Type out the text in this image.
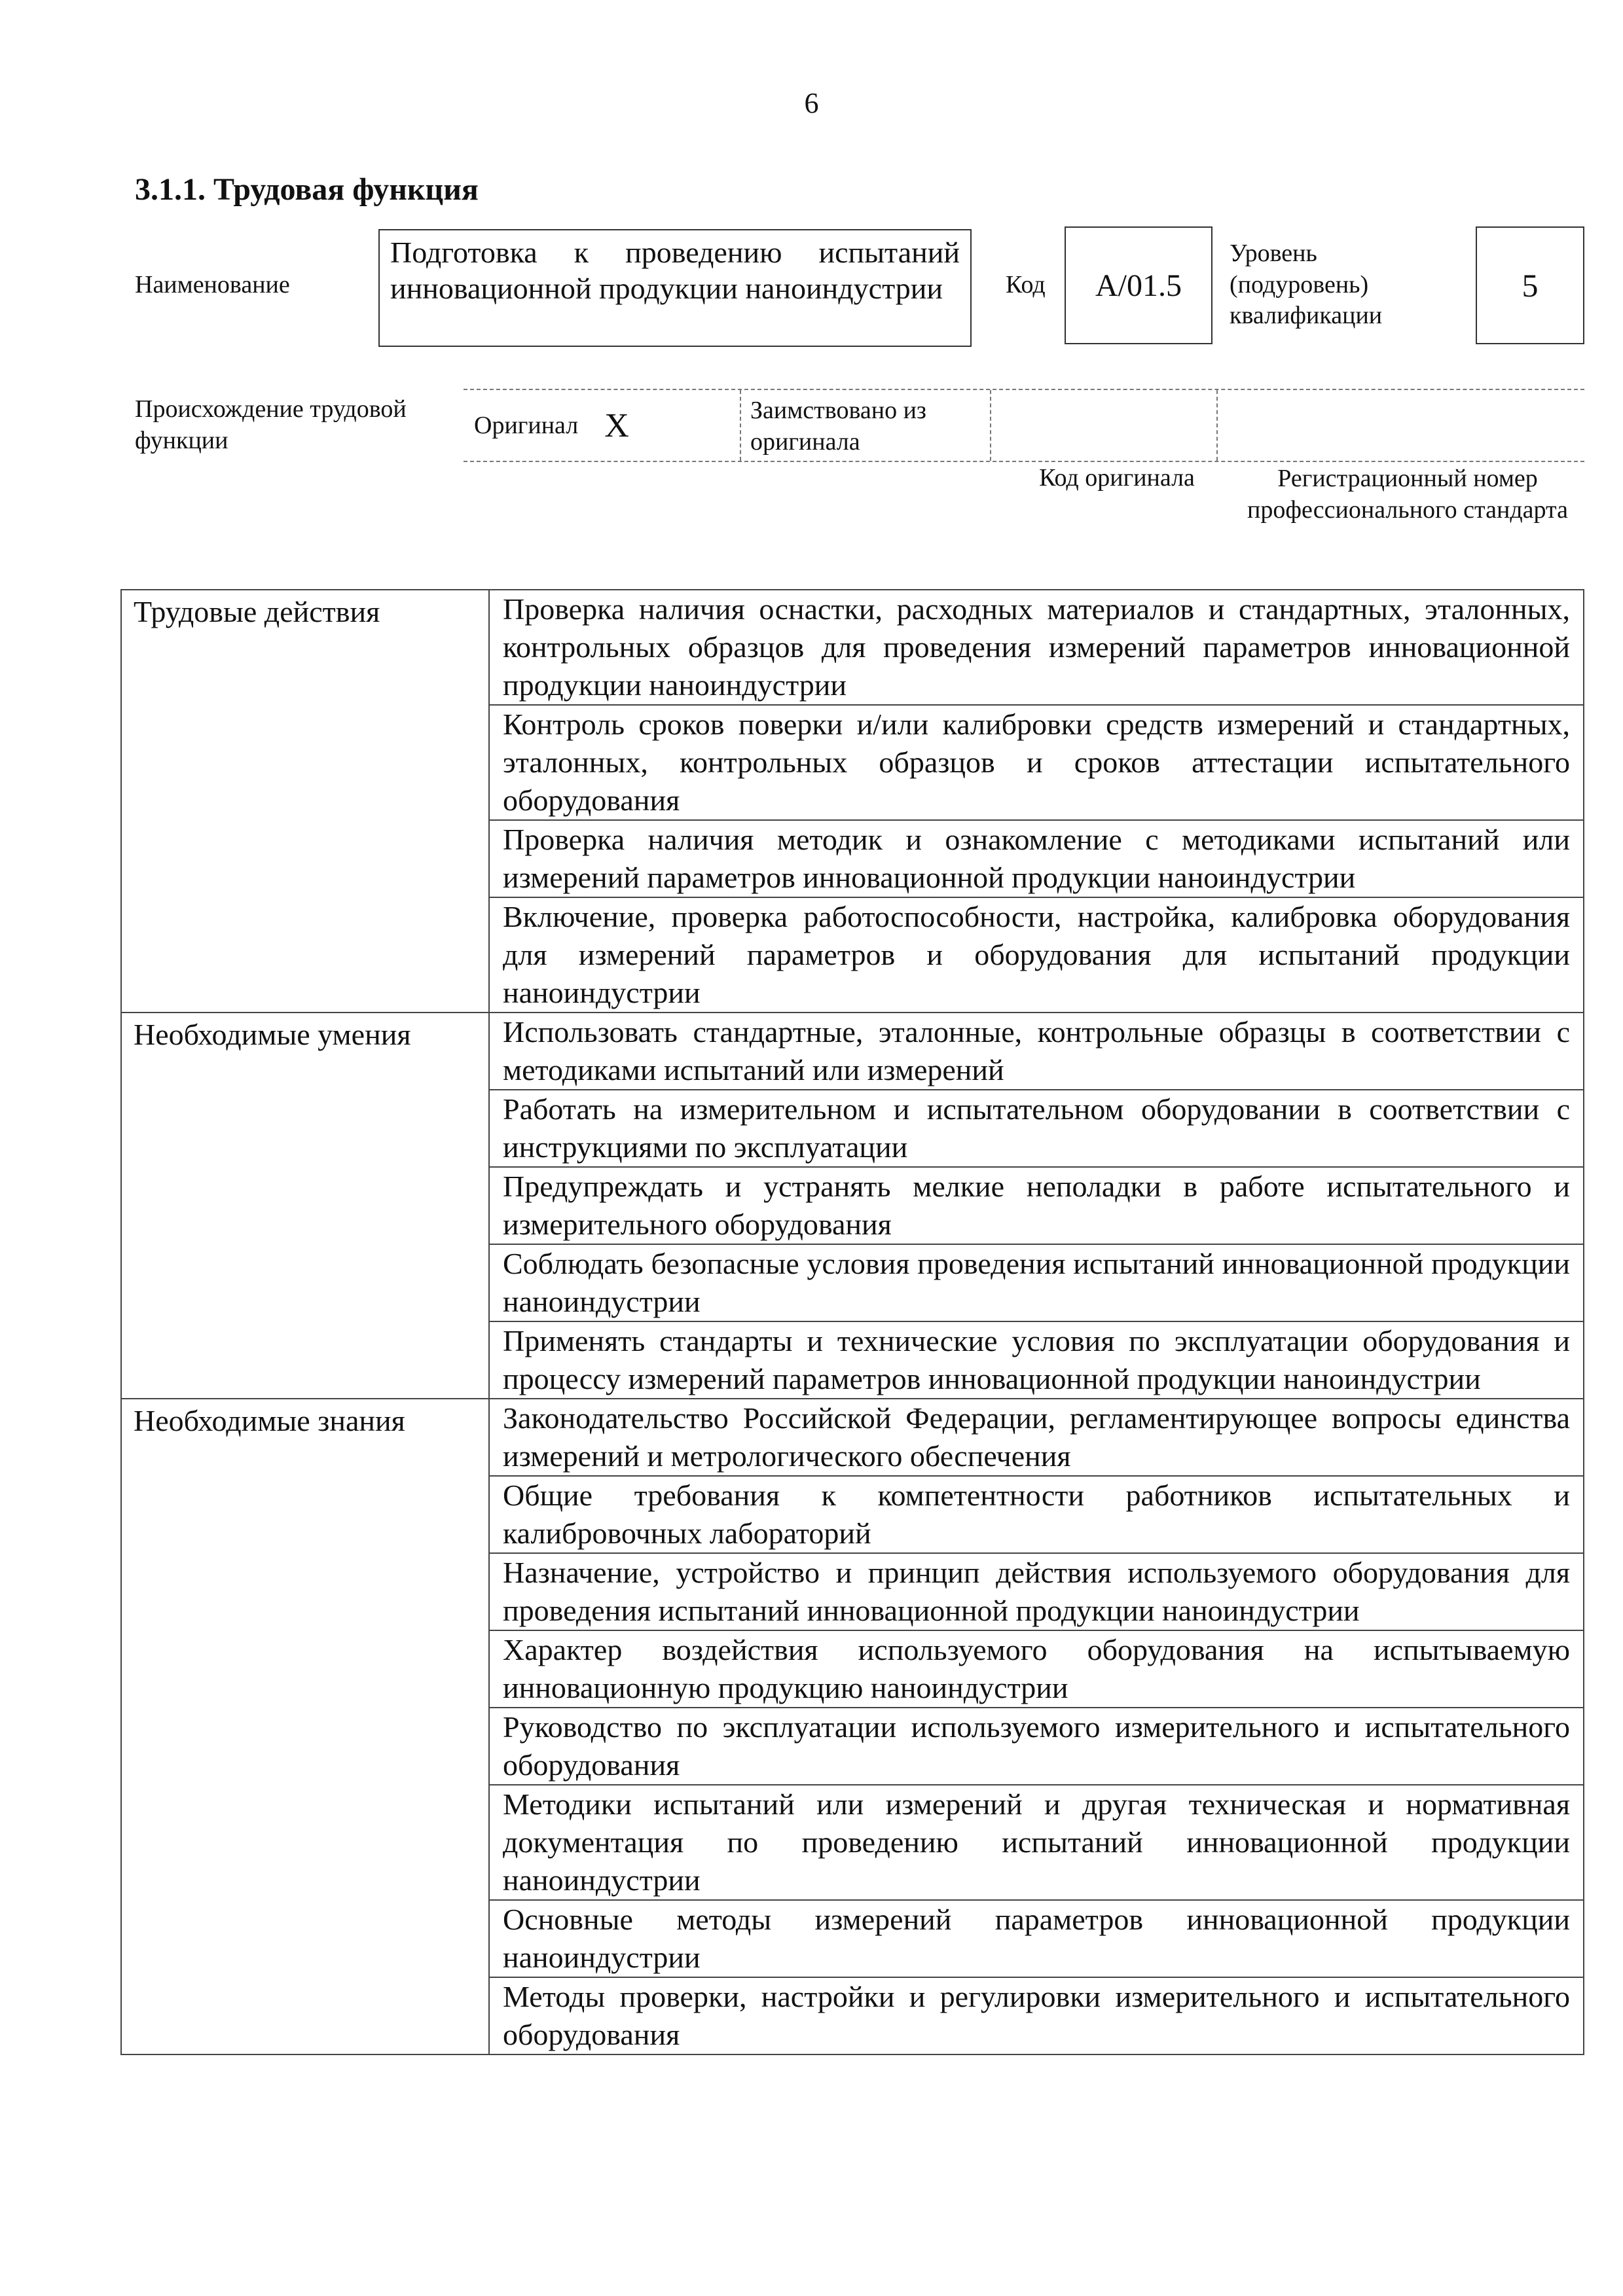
6
3.1.1. Трудовая функция
Наименование
Подготовка к проведению испытаний инновационной продукции наноиндустрии	Код	A/01.5
Уровень (подуровень) квалификации
5
Происхождение трудовой функции
Оригинал X	Заимствовано из оригинала
Код оригинала	Регистрационный номер профессионального стандарта
Трудовые действия	Проверка наличия оснастки, расходных материалов и стандартных, эталонных, контрольных образцов для проведения измерений параметров инновационной продукции наноиндустрии
	Контроль сроков поверки и/или калибровки средств измерений и стандартных, эталонных, контрольных образцов и сроков аттестации испытательного оборудования
	Проверка наличия методик и ознакомление с методиками испытаний или измерений параметров инновационной продукции наноиндустрии
	Включение, проверка работоспособности, настройка, калибровка оборудования для измерений параметров и оборудования для испытаний продукции наноиндустрии
Необходимые умения	Использовать стандартные, эталонные, контрольные образцы в соответствии с методиками испытаний или измерений
	Работать на измерительном и испытательном оборудовании в соответствии с инструкциями по эксплуатации
	Предупреждать и устранять мелкие неполадки в работе испытательного и измерительного оборудования
	Соблюдать безопасные условия проведения испытаний инновационной продукции наноиндустрии
	Применять стандарты и технические условия по эксплуатации оборудования и процессу измерений параметров инновационной продукции наноиндустрии
Необходимые знания	Законодательство Российской Федерации, регламентирующее вопросы единства измерений и метрологического обеспечения
	Общие требования к компетентности работников испытательных и калибровочных лабораторий
	Назначение, устройство и принцип действия используемого оборудования для проведения испытаний инновационной продукции наноиндустрии
	Характер воздействия используемого оборудования на испытываемую инновационную продукцию наноиндустрии
	Руководство по эксплуатации используемого измерительного и испытательного оборудования
	Методики испытаний или измерений и другая техническая и нормативная документация по проведению испытаний инновационной продукции наноиндустрии
	Основные методы измерений параметров инновационной продукции наноиндустрии
	Методы проверки, настройки и регулировки измерительного и испытательного оборудования
